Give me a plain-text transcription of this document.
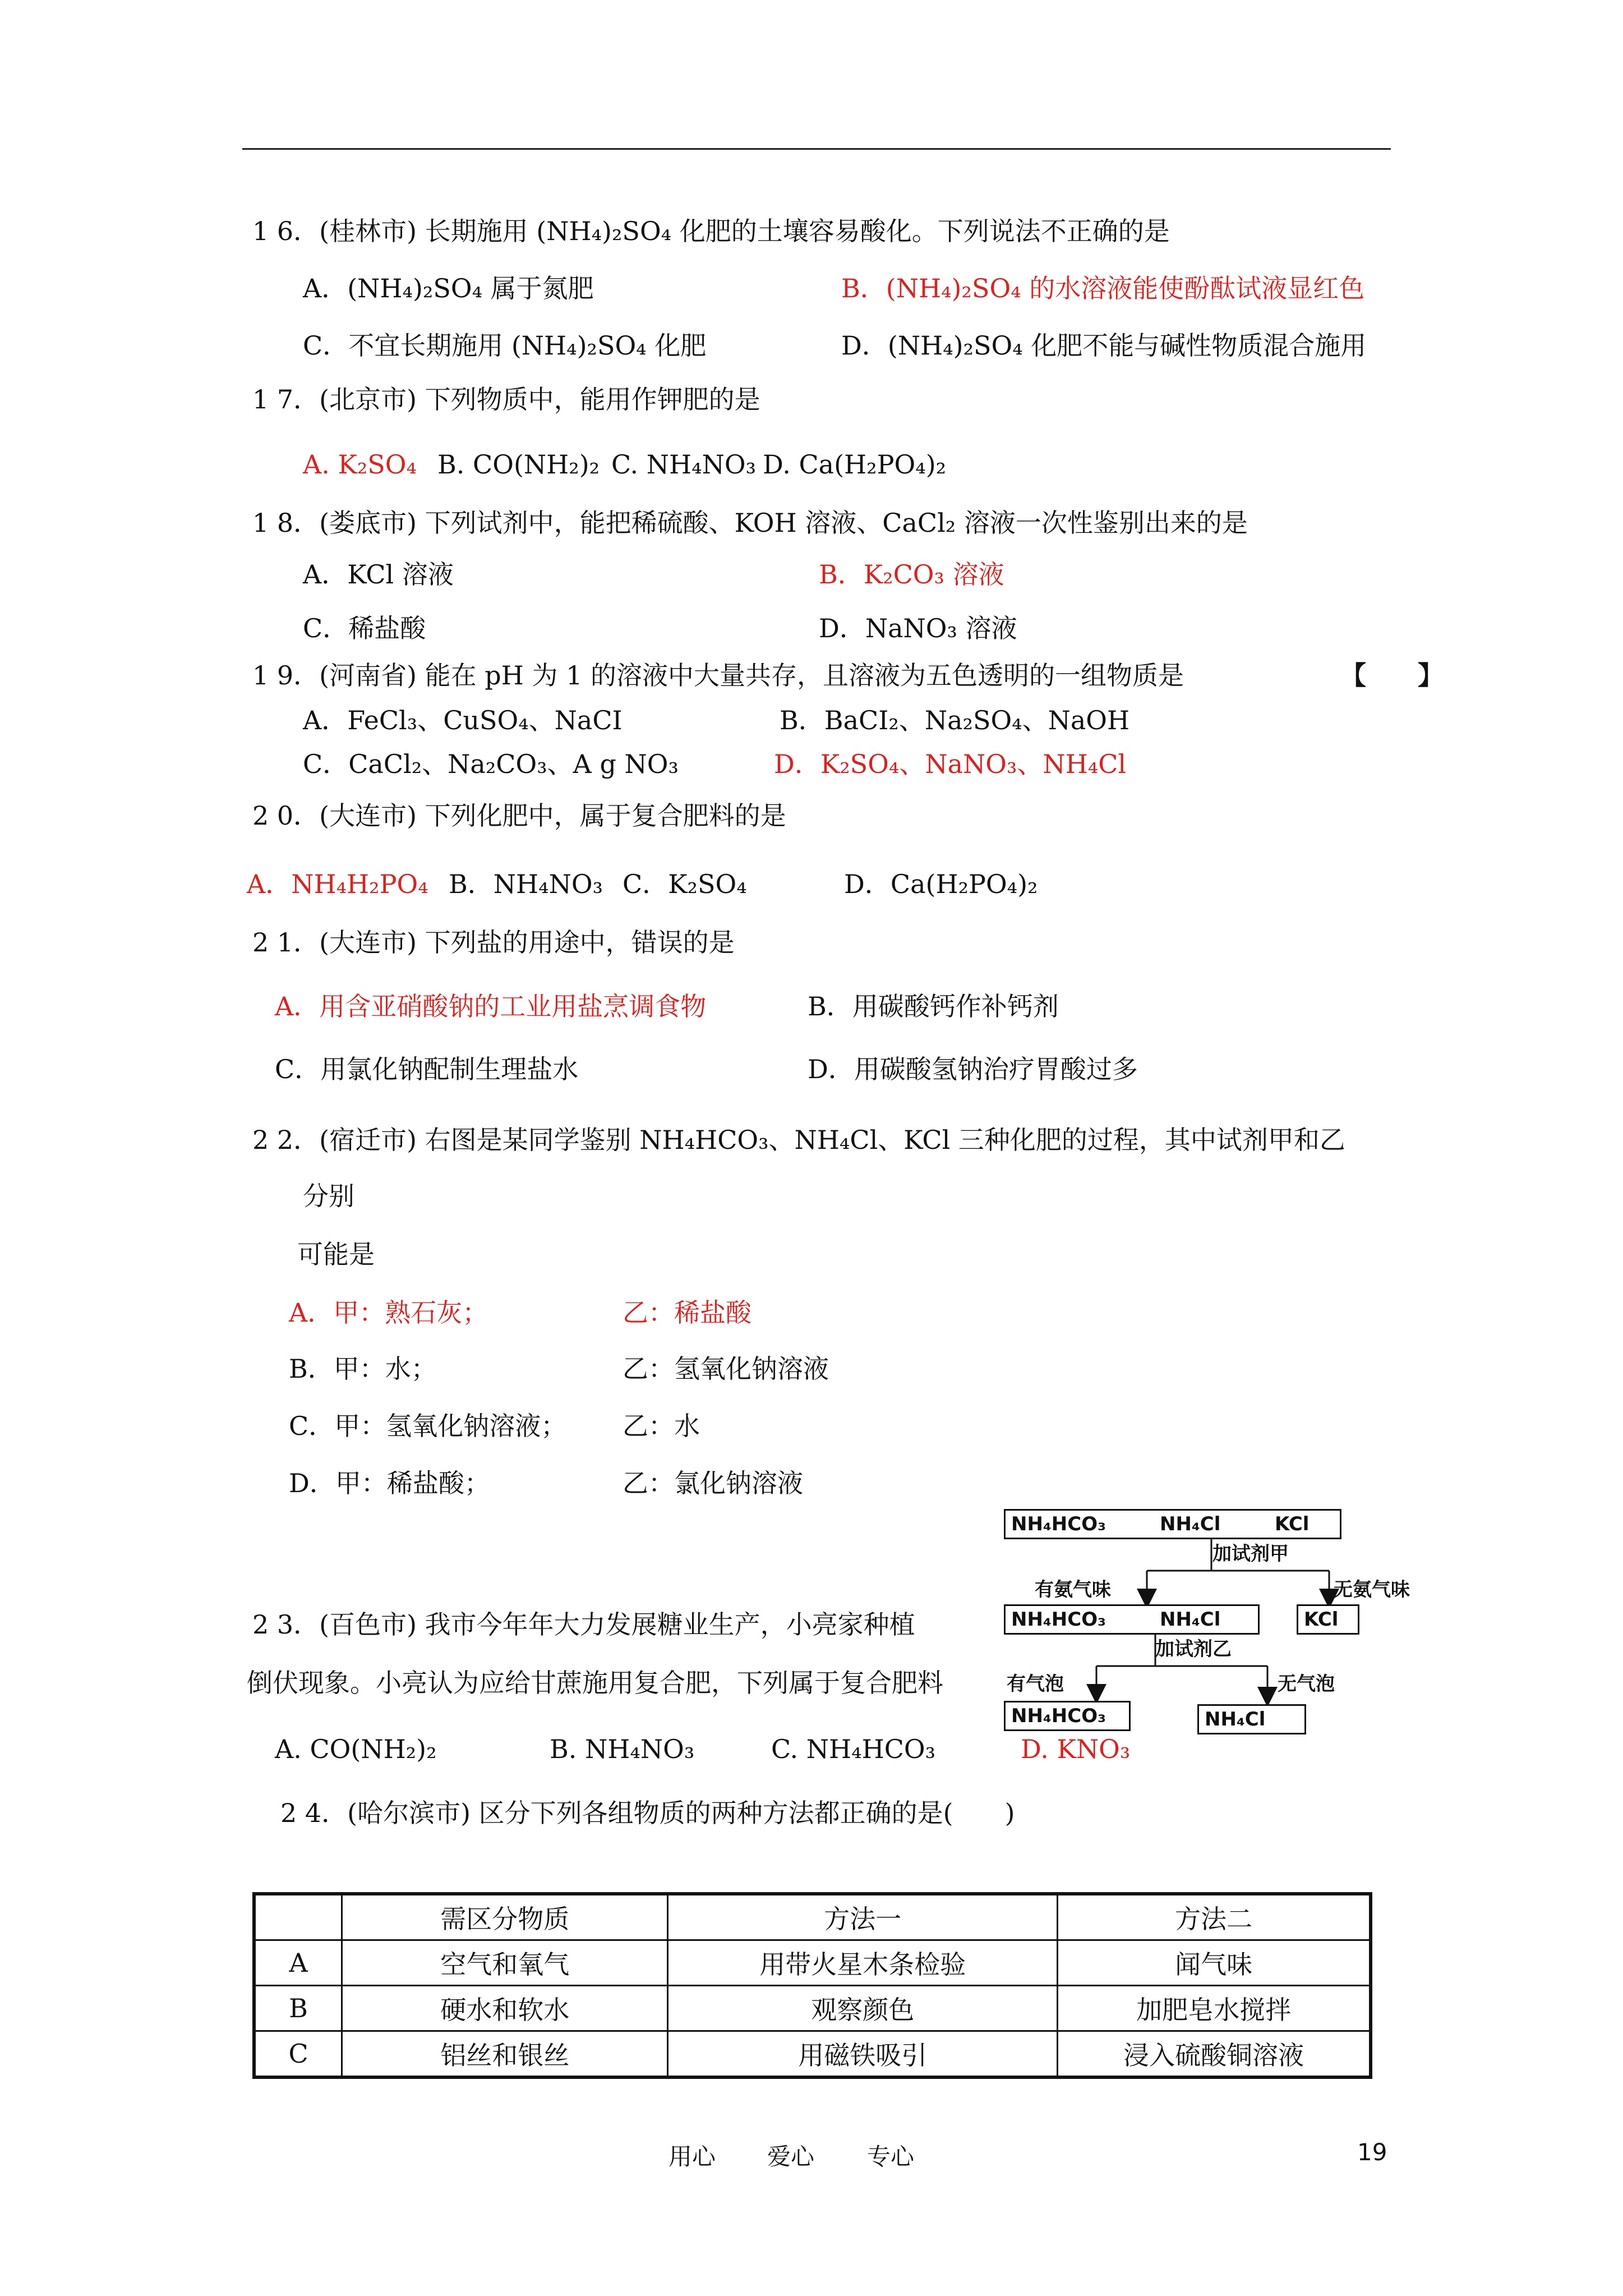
1 6．(桂林市) 长期施用 (NH₄)₂SO₄ 化肥的土壤容易酸化。下列说法不正确的是
A．(NH₄)₂SO₄ 属于氮肥	B．(NH₄)₂SO₄ 的水溶液能使酚酞试液显红色
C．不宜长期施用 (NH₄)₂SO₄ 化肥	D．(NH₄)₂SO₄ 化肥不能与碱性物质混合施用
1 7．(北京市) 下列物质中，能用作钾肥的是
A. K₂SO₄ B. CO(NH₂)₂ C. NH₄NO₃ D. Ca(H₂PO₄)₂
1 8．(娄底市) 下列试剂中，能把稀硫酸、KOH 溶液、CaCl₂ 溶液一次性鉴别出来的是
A．KCl 溶液	B．K₂CO₃ 溶液
C．稀盐酸	D．NaNO₃ 溶液
1 9．(河南省) 能在 pH 为 1 的溶液中大量共存，且溶液为五色透明的一组物质是	【　　】
A．FeCl₃、CuSO₄、NaCI	B．BaCI₂、Na₂SO₄、NaOH
C．CaCl₂、Na₂CO₃、A g NO₃	D．K₂SO₄、NaNO₃、NH₄Cl
2 0．(大连市) 下列化肥中，属于复合肥料的是
A．NH₄H₂PO₄ B．NH₄NO₃ C．K₂SO₄	D．Ca(H₂PO₄)₂
2 1．(大连市) 下列盐的用途中，错误的是
A．用含亚硝酸钠的工业用盐烹调食物	B．用碳酸钙作补钙剂
C．用氯化钠配制生理盐水	D．用碳酸氢钠治疗胃酸过多
2 2．(宿迁市) 右图是某同学鉴别 NH₄HCO₃、NH₄Cl、KCl 三种化肥的过程，其中试剂甲和乙
分别
可能是
A．甲：熟石灰；	乙：稀盐酸
B．甲：水；	乙：氢氧化钠溶液
C．甲：氢氧化钠溶液； 乙：水
D．甲：稀盐酸；	乙：氯化钠溶液
NH₄HCO₃	NH₄Cl	KCl
加试剂甲
有氨气味	无氨气味
NH₄HCO₃	NH₄Cl	KCl
加试剂乙
有气泡	无气泡
NH₄HCO₃	NH₄Cl
2 3．(百色市) 我市今年年大力发展糖业生产，小亮家种植
倒伏现象。小亮认为应给甘蔗施用复合肥，下列属于复合肥料
A. CO(NH₂)₂	B. NH₄NO₃	C. NH₄HCO₃	D. KNO₃
2 4．(哈尔滨市) 区分下列各组物质的两种方法都正确的是(　　)
	需区分物质	方法一	方法二
A	空气和氧气	用带火星木条检验	闻气味
B	硬水和软水	观察颜色	加肥皂水搅拌
C	铝丝和银丝	用磁铁吸引	浸入硫酸铜溶液
用心 爱心 专心	19
